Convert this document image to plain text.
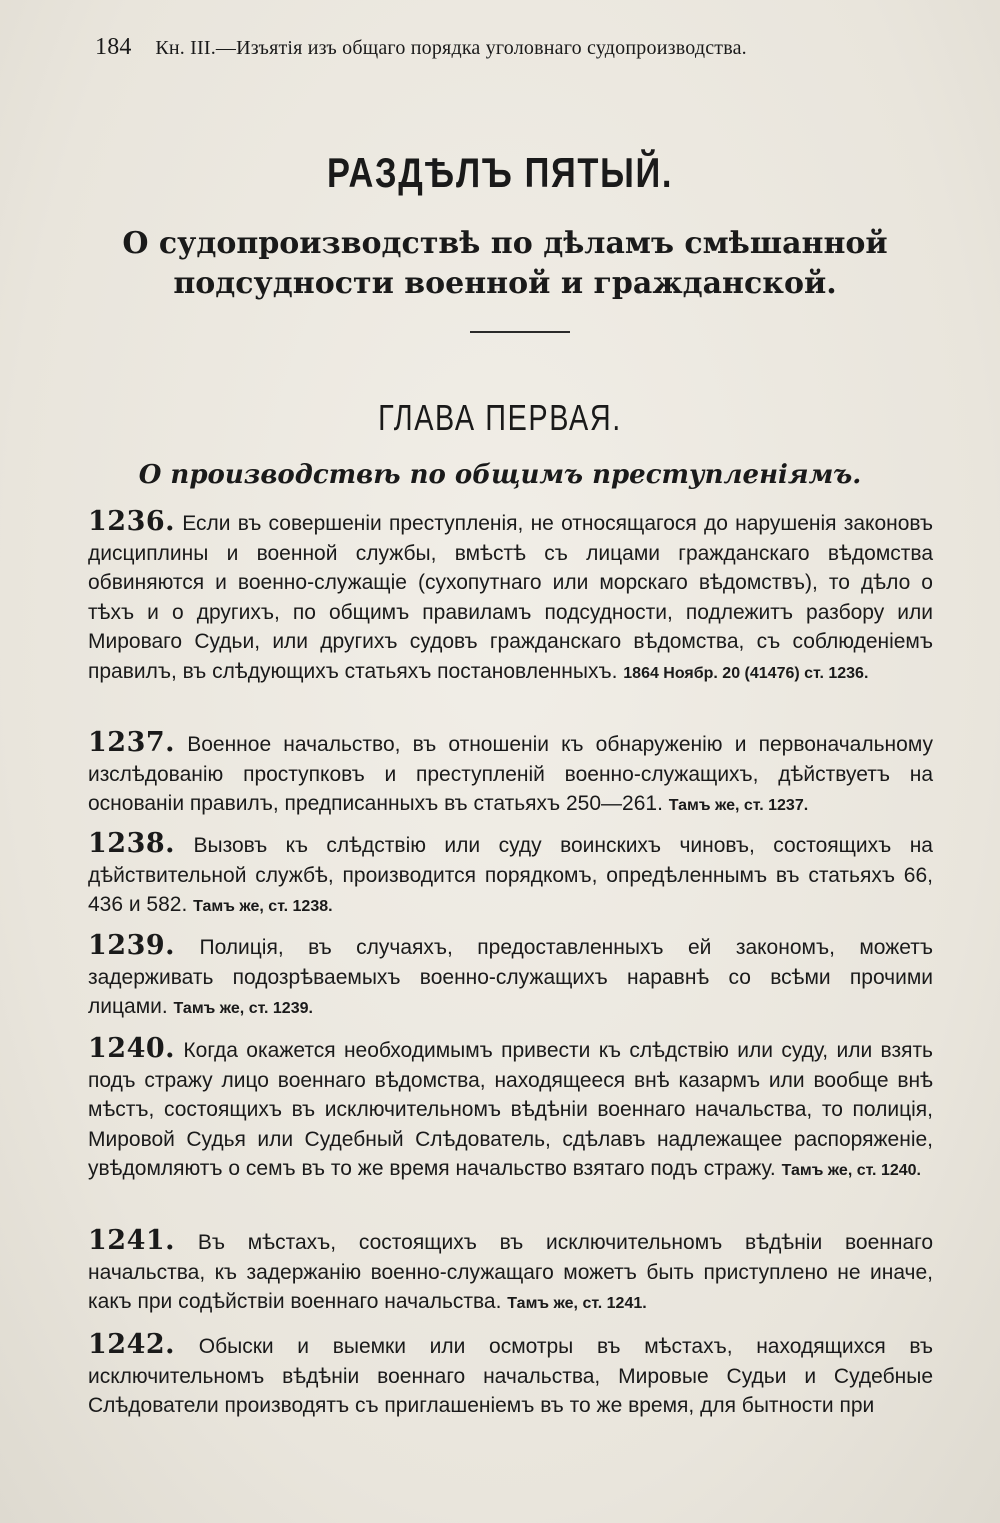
184 Кн. III.—Изъятія изъ общаго порядка уголовнаго судопроизводства.
РАЗДѢЛЪ ПЯТЫЙ.
О судопроизводствѣ по дѣламъ смѣшанной подсудности военной и гражданской.
ГЛАВА ПЕРВАЯ.
О производствѣ по общимъ преступленіямъ.
1236. Если въ совершеніи преступленія, не относящагося до нарушенія законовъ дисциплины и военной службы, вмѣстѣ съ лицами гражданскаго вѣдомства обвиняются и военно-служащіе (сухопутнаго или морскаго вѣдомствъ), то дѣло о тѣхъ и о другихъ, по общимъ правиламъ подсудности, подлежитъ разбору или Мироваго Судьи, или другихъ судовъ гражданскаго вѣдомства, съ соблюденіемъ правилъ, въ слѣдующихъ статьяхъ постановленныхъ. 1864 Ноябр. 20 (41476) ст. 1236.
1237. Военное начальство, въ отношеніи къ обнаруженію и первоначальному изслѣдованію проступковъ и преступленій военно-служащихъ, дѣйствуетъ на основаніи правилъ, предписанныхъ въ статьяхъ 250—261. Тамъ же, ст. 1237.
1238. Вызовъ къ слѣдствію или суду воинскихъ чиновъ, состоящихъ на дѣйствительной службѣ, производится порядкомъ, опредѣленнымъ въ статьяхъ 66, 436 и 582. Тамъ же, ст. 1238.
1239. Полиція, въ случаяхъ, предоставленныхъ ей закономъ, можетъ задерживать подозрѣваемыхъ военно-служащихъ наравнѣ со всѣми прочими лицами. Тамъ же, ст. 1239.
1240. Когда окажется необходимымъ привести къ слѣдствію или суду, или взять подъ стражу лицо военнаго вѣдомства, находящееся внѣ казармъ или вообще внѣ мѣстъ, состоящихъ въ исключительномъ вѣдѣніи военнаго начальства, то полиція, Мировой Судья или Судебный Слѣдователь, сдѣлавъ надлежащее распоряженіе, увѣдомляютъ о семъ въ то же время начальство взятаго подъ стражу. Тамъ же, ст. 1240.
1241. Въ мѣстахъ, состоящихъ въ исключительномъ вѣдѣніи военнаго начальства, къ задержанію военно-служащаго можетъ быть приступлено не иначе, какъ при содѣйствіи военнаго начальства. Тамъ же, ст. 1241.
1242. Обыски и выемки или осмотры въ мѣстахъ, находящихся въ исключительномъ вѣдѣніи военнаго начальства, Мировые Судьи и Судебные Слѣдователи производятъ съ приглашеніемъ въ то же время, для бытности при
